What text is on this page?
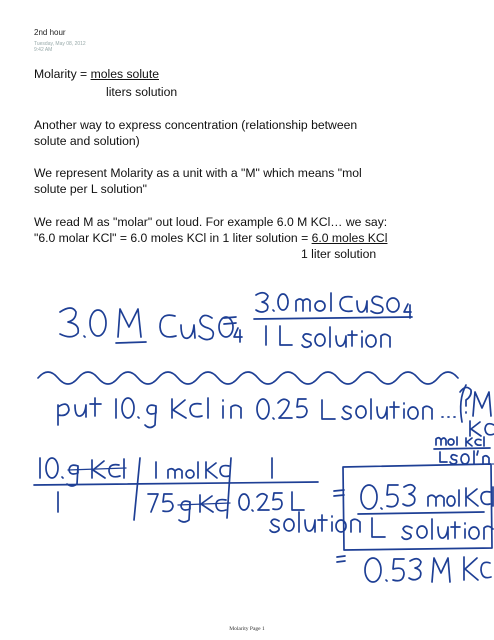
2nd hour
Tuesday, May 08, 2012
9:42 AM
Molarity = moles solute
liters solution
Another way to express concentration (relationship between
solute and solution)
We represent Molarity as a unit with a "M" which means "mol
solute per L solution"
We read M as "molar" out loud. For example 6.0 M KCl… we say:
"6.0 molar KCl" = 6.0 moles KCl in 1 liter solution = 6.0 moles KCl
1 liter solution
Molarity Page 1
